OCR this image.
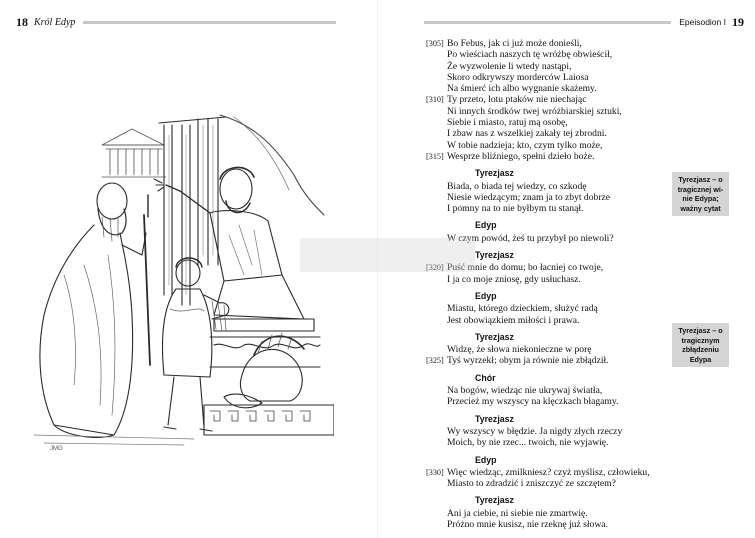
18 Król Edyp	Epeisodion I 19
JMG
[305] Bo Febus, jak ci już może donieśli,
Po wieściach naszych tę wróżbę obwieścił,
Że wyzwolenie li wtedy nastąpi,
Skoro odkrywszy morderców Laiosa
Na śmierć ich albo wygnanie skażemy.
[310] Ty przeto, lotu ptaków nie niechając
Ni innych środków twej wróżbiarskiej sztuki,
Siebie i miasto, ratuj mą osobę,
I zbaw nas z wszelkiej zakały tej zbrodni.
W tobie nadzieja; kto, czym tylko może,
[315] Wesprze bliźniego, spełni dzieło boże.
Tyrezjasz
Biada, o biada tej wiedzy, co szkodę
Niesie wiedzącym; znam ja to zbyt dobrze
I pomny na to nie byłbym tu stanął.
Edyp
W czym powód, żeś tu przybył po niewoli?
Tyrezjasz
[320] Puść mnie do domu; bo łacniej co twoje,
I ja co moje zniosę, gdy usłuchasz.
Edyp
Miastu, którego dzieckiem, służyć radą
Jest obowiązkiem miłości i prawa.
Tyrezjasz
Widzę, że słowa niekonieczne w porę
[325] Tyś wyrzekł; obym ja równie nie zbłądził.
Chór
Na bogów, wiedząc nie ukrywaj światła,
Przecież my wszyscy na klęczkach błagamy.
Tyrezjasz
Wy wszyscy w błędzie. Ja nigdy złych rzeczy
Moich, by nie rzec... twoich, nie wyjawię.
Edyp
[330] Więc wiedząc, zmilkniesz? czyż myślisz, człowieku,
Miasto to zdradzić i zniszczyć ze szczętem?
Tyrezjasz
Ani ja ciebie, ni siebie nie zmartwię.
Próżno mnie kusisz, nie rzeknę już słowa.
Tyrezjasz – o tragicznej wi-nie Edypa; ważny cytat
Tyrezjasz – o tragicznym zbłądzeniu Edypa
